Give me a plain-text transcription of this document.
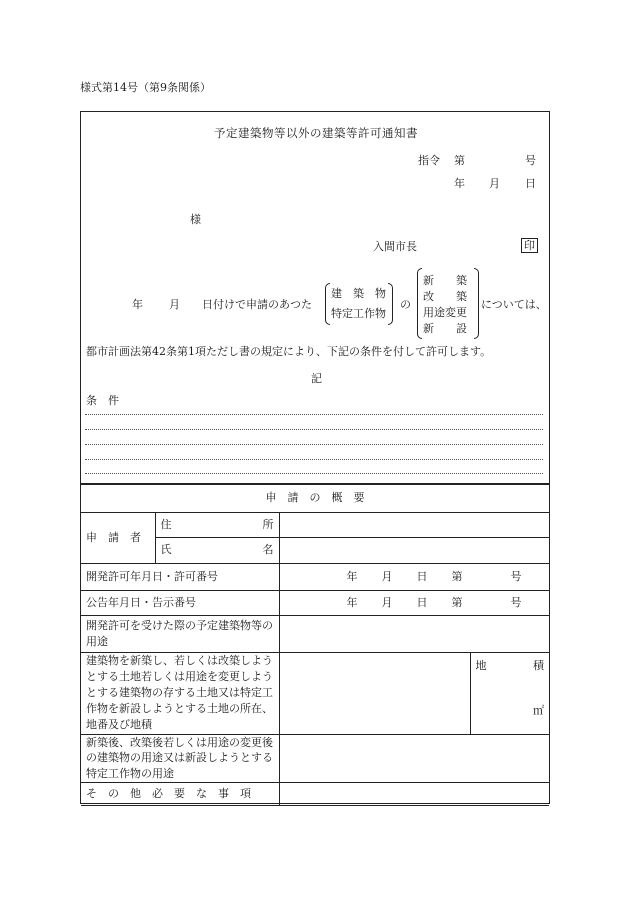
様式第14号（第9条関係）
予定建築物等以外の建築等許可通知書
指令 第	号
年 月 日
様
入間市長	印
年 月 日付けで申請のあつた
建　築　物
特定工作物
の
新　　築
改　　築
用途変更
新　　設
については、
都市計画法第42条第1項ただし書の規定により、下記の条件を付して許可します。
記
条　件
申　請　の　概　要			
申　請　者	住 所		

	氏 名		

開発許可年月日・許可番号		年 月 日 第 号	
公告年月日・告示番号		年 月 日 第 号	
開発許可を受けた際の予定建築物等の用途			
建築物を新築し、若しくは改築しようとする土地若しくは用途を変更しようとする建築物の存する土地又は特定工作物を新設しようとする土地の所在、地番及び地積			地 積
㎡

新築後、改築後若しくは用途の変更後の建築物の用途又は新設しようとする特定工作物の用途			
そ　の　他　必　要　な　事　項			
